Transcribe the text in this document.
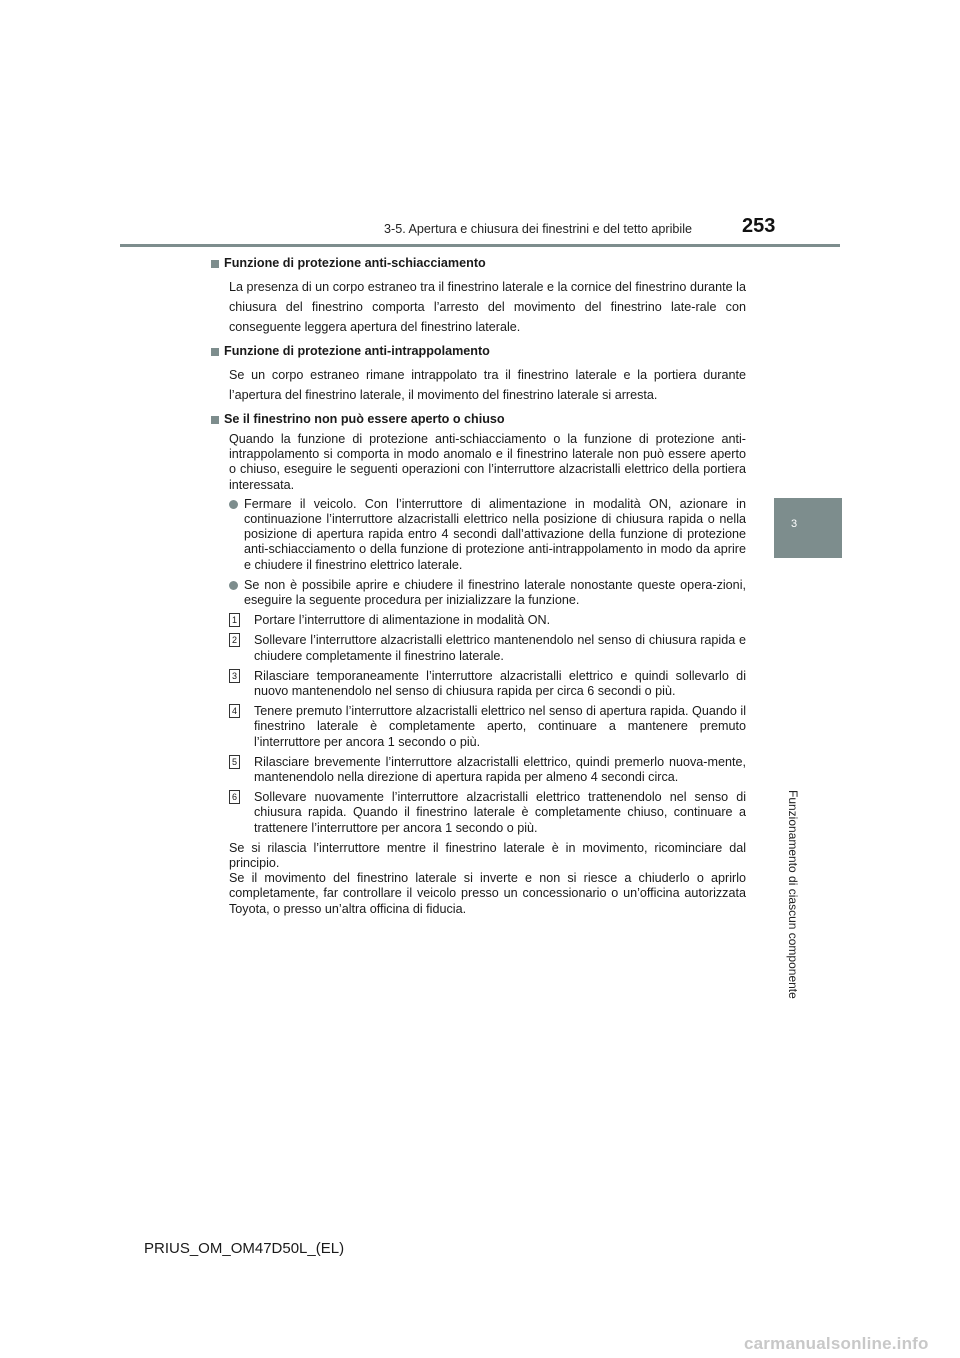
3-5. Apertura e chiusura dei finestrini e del tetto apribile 253
3
Funzionamento di ciascun componente
Funzione di protezione anti-schiacciamento
La presenza di un corpo estraneo tra il finestrino laterale e la cornice del finestrino durante la chiusura del finestrino comporta l’arresto del movimento del finestrino late-rale con conseguente leggera apertura del finestrino laterale.
Funzione di protezione anti-intrappolamento
Se un corpo estraneo rimane intrappolato tra il finestrino laterale e la portiera durante l’apertura del finestrino laterale, il movimento del finestrino laterale si arresta.
Se il finestrino non può essere aperto o chiuso
Quando la funzione di protezione anti-schiacciamento o la funzione di protezione anti-intrappolamento si comporta in modo anomalo e il finestrino laterale non può essere aperto o chiuso, eseguire le seguenti operazioni con l’interruttore alzacristalli elettrico della portiera interessata.
Fermare il veicolo. Con l’interruttore di alimentazione in modalità ON, azionare in continuazione l’interruttore alzacristalli elettrico nella posizione di chiusura rapida o nella posizione di apertura rapida entro 4 secondi dall’attivazione della funzione di protezione anti-schiacciamento o della funzione di protezione anti-intrappolamento in modo da aprire e chiudere il finestrino elettrico laterale.
Se non è possibile aprire e chiudere il finestrino laterale nonostante queste opera-zioni, eseguire la seguente procedura per inizializzare la funzione.
1 Portare l’interruttore di alimentazione in modalità ON.
2 Sollevare l’interruttore alzacristalli elettrico mantenendolo nel senso di chiusura rapida e chiudere completamente il finestrino laterale.
3 Rilasciare temporaneamente l’interruttore alzacristalli elettrico e quindi sollevarlo di nuovo mantenendolo nel senso di chiusura rapida per circa 6 secondi o più.
4 Tenere premuto l’interruttore alzacristalli elettrico nel senso di apertura rapida. Quando il finestrino laterale è completamente aperto, continuare a mantenere premuto l’interruttore per ancora 1 secondo o più.
5 Rilasciare brevemente l’interruttore alzacristalli elettrico, quindi premerlo nuova-mente, mantenendolo nella direzione di apertura rapida per almeno 4 secondi circa.
6 Sollevare nuovamente l’interruttore alzacristalli elettrico trattenendolo nel senso di chiusura rapida. Quando il finestrino laterale è completamente chiuso, continuare a trattenere l’interruttore per ancora 1 secondo o più.
Se si rilascia l’interruttore mentre il finestrino laterale è in movimento, ricominciare dal principio.
Se il movimento del finestrino laterale si inverte e non si riesce a chiuderlo o aprirlo completamente, far controllare il veicolo presso un concessionario o un’officina autorizzata Toyota, o presso un’altra officina di fiducia.
PRIUS_OM_OM47D50L_(EL)
carmanualsonline.info
